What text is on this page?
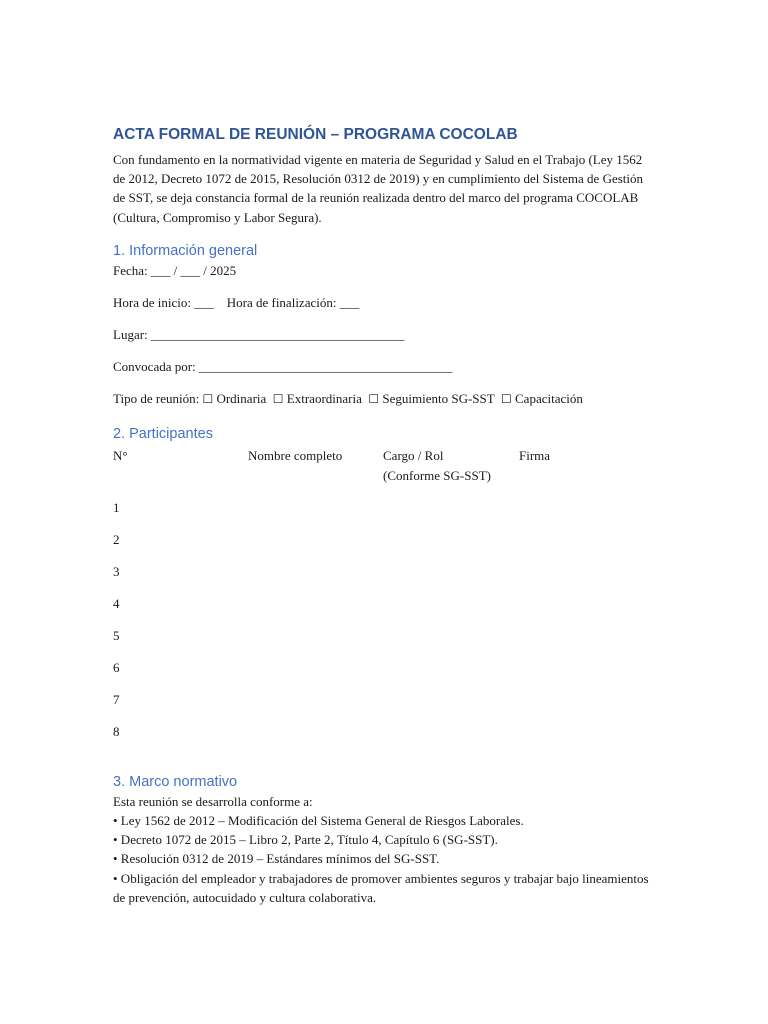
ACTA FORMAL DE REUNIÓN – PROGRAMA COCOLAB

Con fundamento en la normatividad vigente en materia de Seguridad y Salud en el Trabajo (Ley 1562 de 2012, Decreto 1072 de 2015, Resolución 0312 de 2019) y en cumplimiento del Sistema de Gestión de SST, se deja constancia formal de la reunión realizada dentro del marco del programa COCOLAB (Cultura, Compromiso y Labor Segura).

1. Información general

Fecha: ___ / ___ / 2025

Hora de inicio: ___ Hora de finalización: ___

Lugar: _______________________________________

Convocada por: _______________________________________

Tipo de reunión: ☐ Ordinaria ☐ Extraordinaria ☐ Seguimiento SG-SST ☐ Capacitación

2. Participantes
N°	Nombre completo	Cargo / Rol
(Conforme SG-SST)
Firma
1
2
3
4
5
6
7
8
3. Marco normativo

Esta reunión se desarrolla conforme a:

• Ley 1562 de 2012 – Modificación del Sistema General de Riesgos Laborales.

• Decreto 1072 de 2015 – Libro 2, Parte 2, Título 4, Capítulo 6 (SG-SST).

• Resolución 0312 de 2019 – Estándares mínimos del SG-SST.

• Obligación del empleador y trabajadores de promover ambientes seguros y trabajar bajo lineamientos de prevención, autocuidado y cultura colaborativa.
